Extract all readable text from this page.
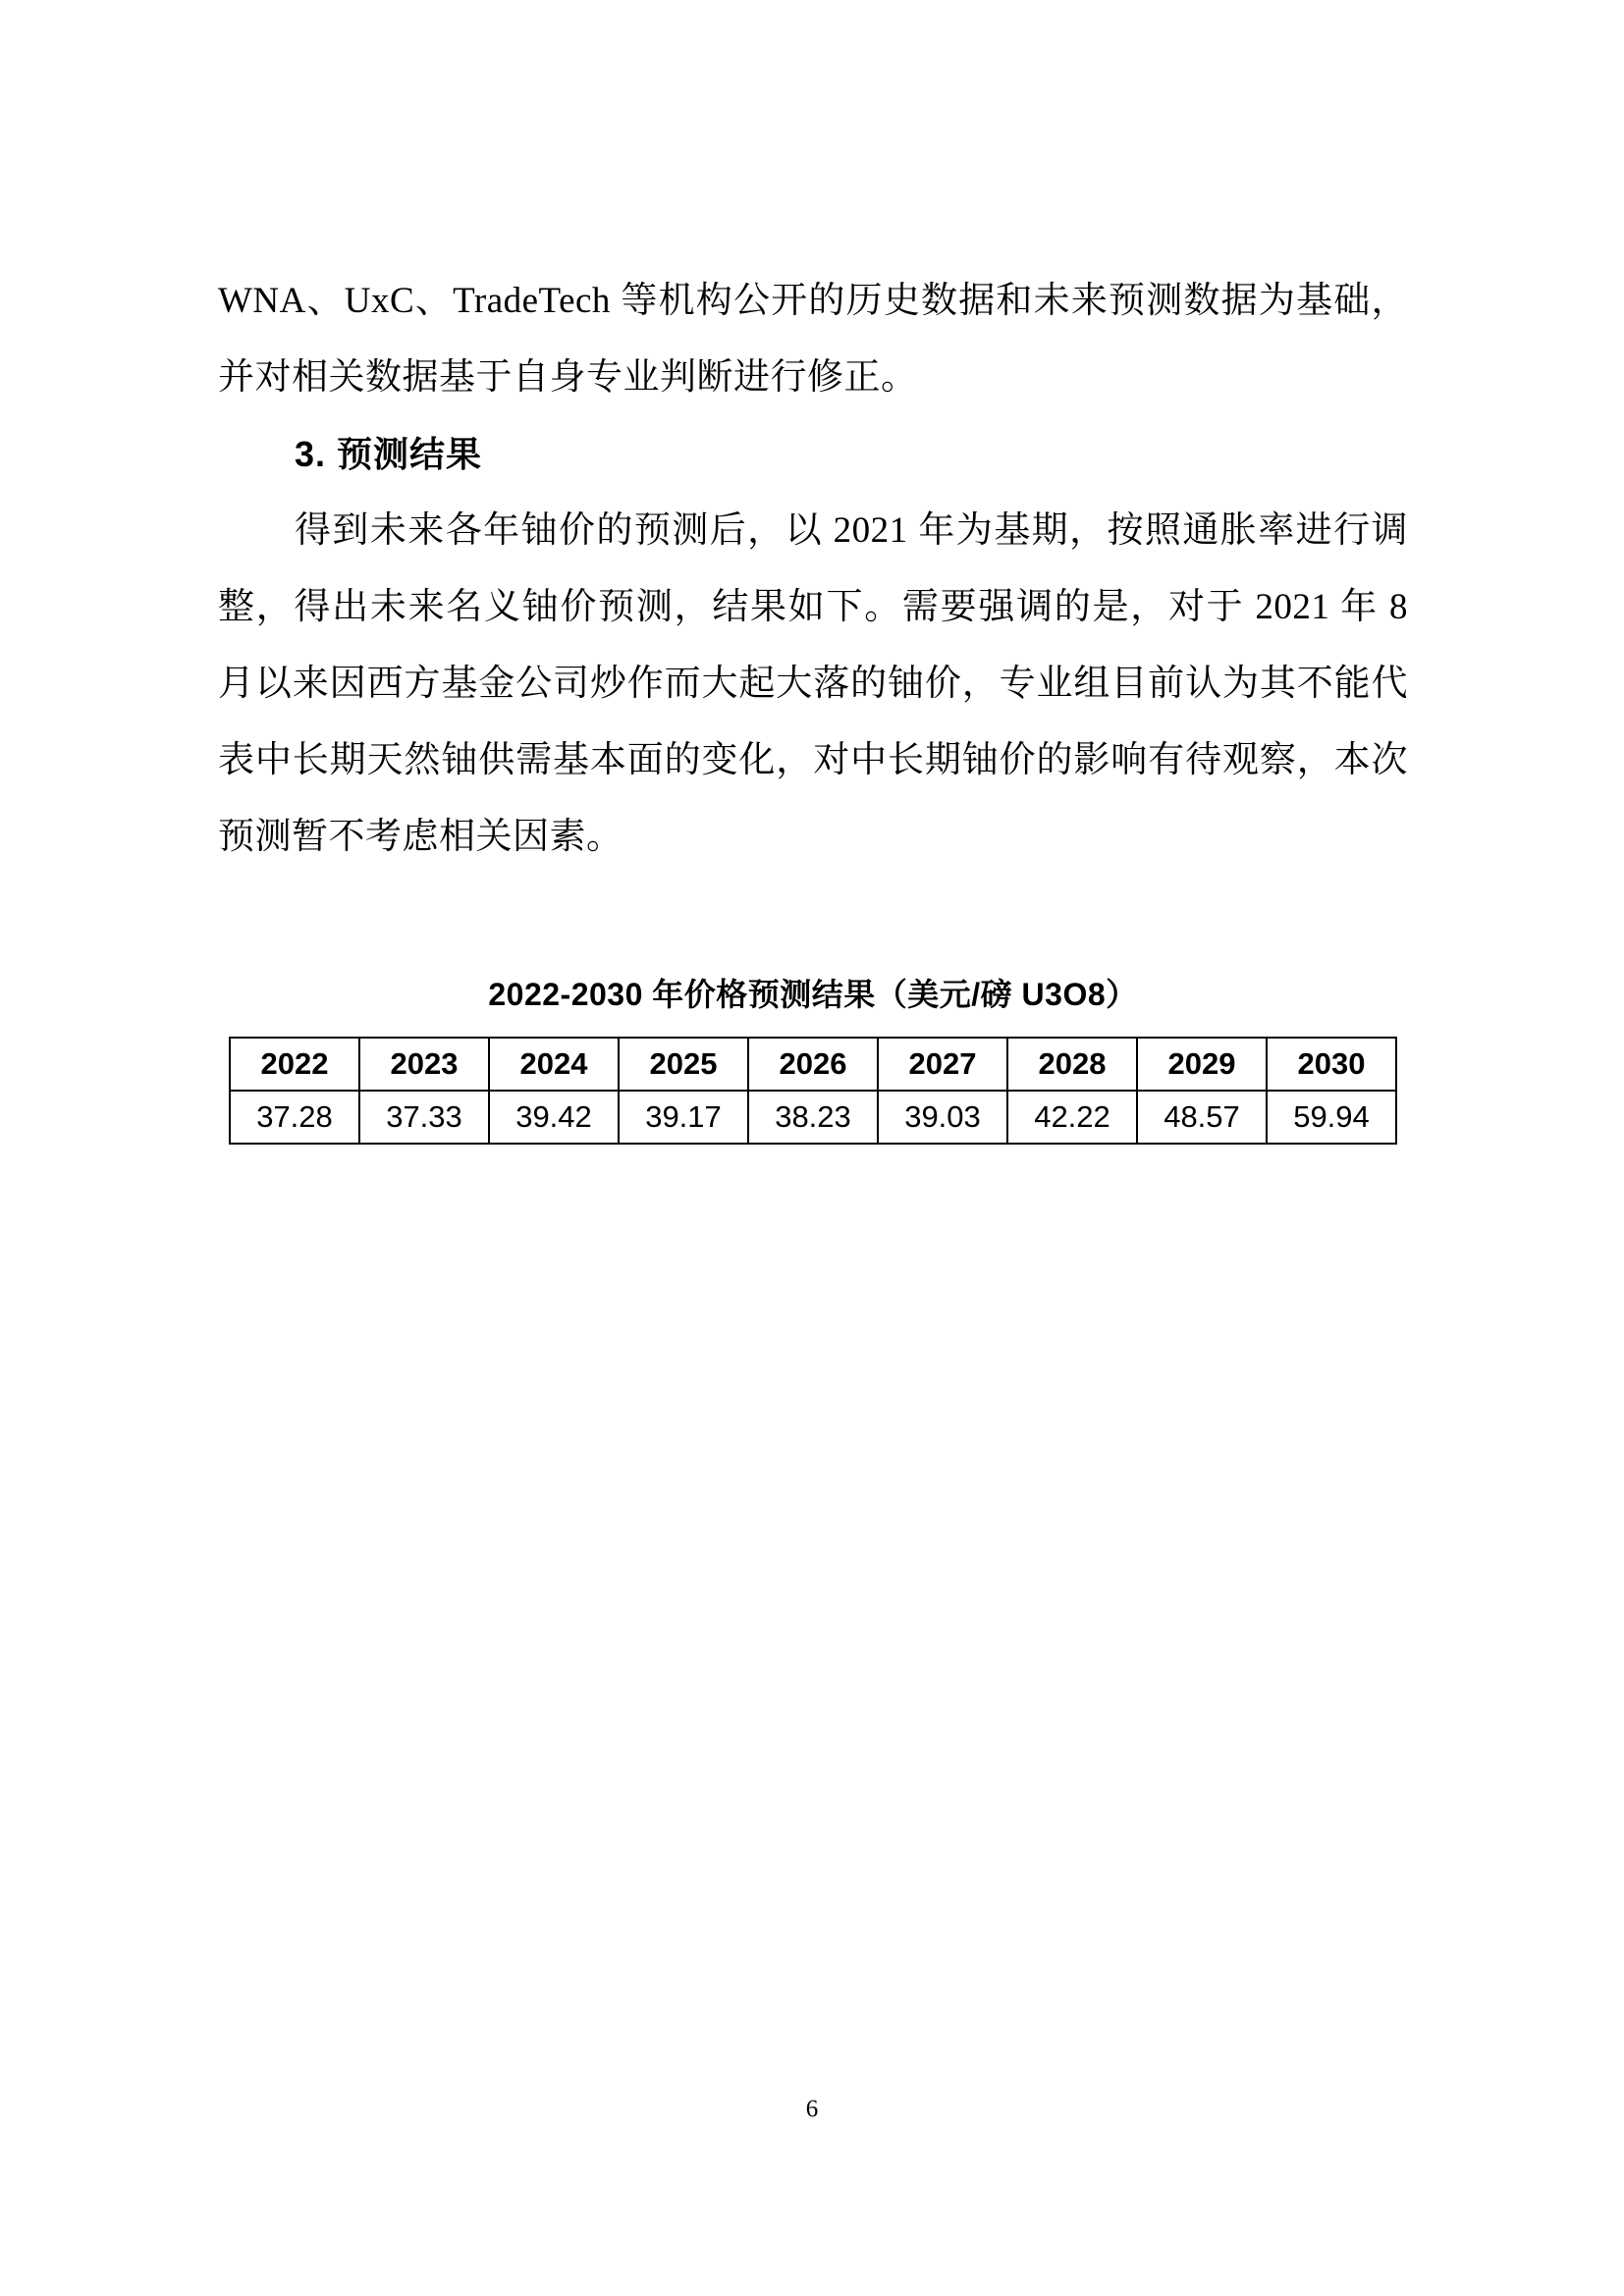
WNA、UxC、TradeTech 等机构公开的历史数据和未来预测数据为基础，并对相关数据基于自身专业判断进行修正。

3. 预测结果

得到未来各年铀价的预测后，以 2021 年为基期，按照通胀率进行调整，得出未来名义铀价预测，结果如下。需要强调的是，对于 2021 年 8 月以来因西方基金公司炒作而大起大落的铀价，专业组目前认为其不能代表中长期天然铀供需基本面的变化，对中长期铀价的影响有待观察，本次预测暂不考虑相关因素。

2022-2030 年价格预测结果（美元/磅 U3O8）
2022	2023	2024	2025	2026	2027	2028	2029	2030
37.28	37.33	39.42	39.17	38.23	39.03	42.22	48.57	59.94
6
